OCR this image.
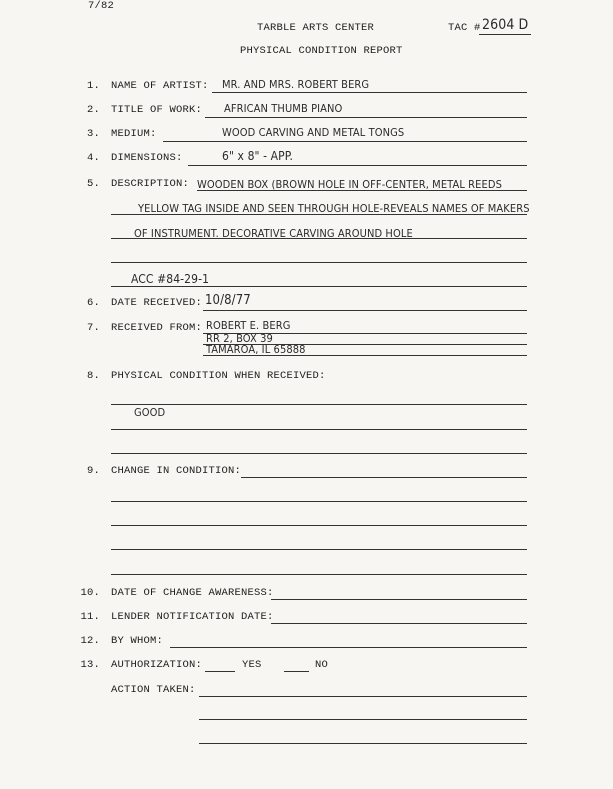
7/82
TARBLE ARTS CENTER	TAC # 2604 D
PHYSICAL CONDITION REPORT
1. NAME OF ARTIST: MR. AND MRS. ROBERT BERG
2. TITLE OF WORK: AFRICAN THUMB PIANO
3. MEDIUM:	WOOD CARVING AND METAL TONGS
4. DIMENSIONS:	6" x 8" - APP.
5. DESCRIPTION: WOODEN BOX (BROWN HOLE IN OFF-CENTER, METAL REEDS
YELLOW TAG INSIDE AND SEEN THROUGH HOLE-REVEALS NAMES OF MAKERS
OF INSTRUMENT. DECORATIVE CARVING AROUND HOLE
ACC #84-29-1
6. DATE RECEIVED: 10/8/77
7. RECEIVED FROM: ROBERT E. BERG
RR 2, BOX 39
TAMAROA, IL 65888
8. PHYSICAL CONDITION WHEN RECEIVED:
GOOD
9. CHANGE IN CONDITION:
10. DATE OF CHANGE AWARENESS:
11. LENDER NOTIFICATION DATE:
12. BY WHOM:
13. AUTHORIZATION:	YES	NO
ACTION TAKEN:
